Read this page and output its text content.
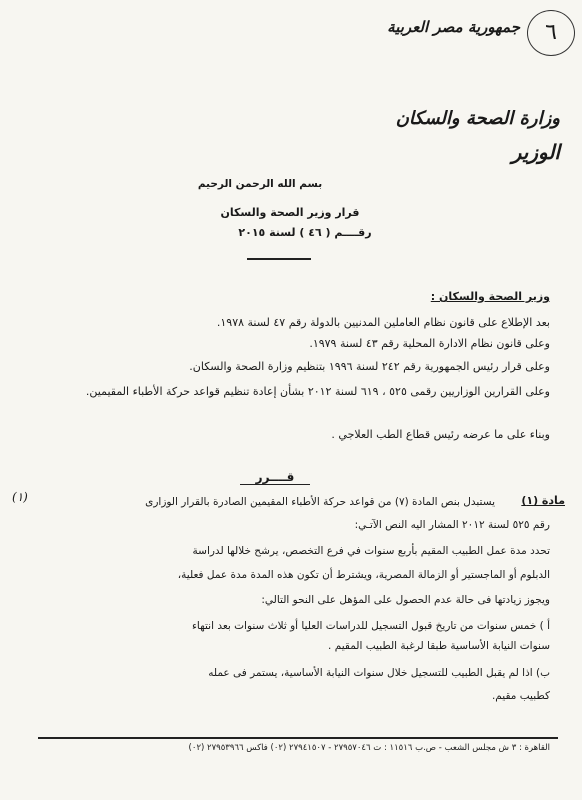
٦
جمهورية مصر العربية
وزارة الصحة والسكان
الوزير
بسم الله الرحمن الرحيم
قرار وزير الصحة والسكان
رقــــم ( ٤٦ ) لسنة ٢٠١٥
وزير الصحة والسكان :

بعد الإطلاع على قانون نظام العاملين المدنيين بالدولة رقم ٤٧ لسنة ١٩٧٨.

وعلى قانون نظام الادارة المحلية رقم ٤٣ لسنة ١٩٧٩.

وعلى قرار رئيس الجمهورية رقم ٢٤٢ لسنة ١٩٩٦ بتنظيم وزارة الصحة والسكان.

وعلى القرارين الوزاريين رقمى ٥٢٥ ، ٦١٩ لسنة ٢٠١٢ بشأن إعادة تنظيم قواعد حركة الأطباء المقيمين.

وبناء على ما عرضه رئيس قطاع الطب العلاجي .

قــــرر
مادة (١)
(١)	يستبدل بنص المادة (٧) من قواعد حركة الأطباء المقيمين الصادرة بالقرار الوزارى

رقم ٥٢٥ لسنة ٢٠١٢ المشار اليه النص الآتـي:

تحدد مدة عمل الطبيب المقيم بأربع سنوات في فرع التخصص، يرشح خلالها لدراسة

الدبلوم أو الماجستير أو الزمالة المصرية، ويشترط أن تكون هذه المدة مدة عمل فعلية،

ويجوز زيادتها فى حالة عدم الحصول على المؤهل على النحو التالي:

أ ) خمس سنوات من تاريخ قبول التسجيل للدراسات العليا أو ثلاث سنوات بعد انتهاء

سنوات النيابة الأساسية طبقا لرغبة الطبيب المقيم .

ب) اذا لم يقبل الطبيب للتسجيل خلال سنوات النيابة الأساسية، يستمر فى عمله

كطبيب مقيم.

القاهرة : ٣ ش مجلس الشعب - ص.ب ١١٥١٦ : ت ٢٧٩٥٧٠٤٦ - ٢٧٩٤١٥٠٧ (٠٢) فاكس ٢٧٩٥٣٩٦٦ (٠٢)
